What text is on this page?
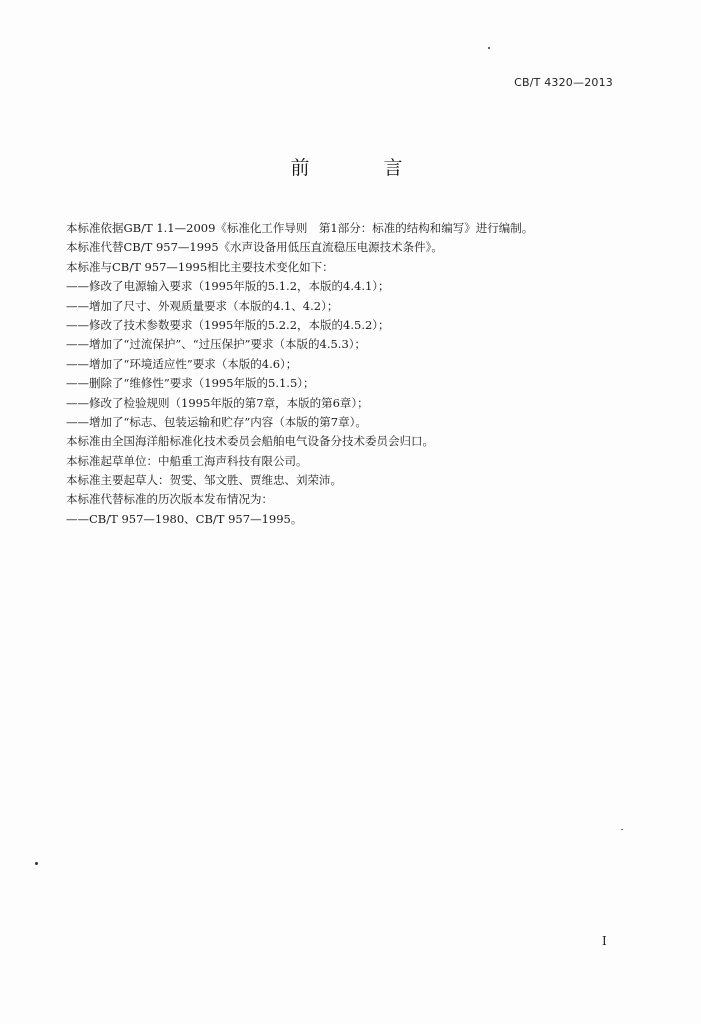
CB/T 4320—2013
前 言
本标准依据GB/T 1.1—2009《标准化工作导则　第1部分：标准的结构和编写》进行编制。
本标准代替CB/T 957—1995《水声设备用低压直流稳压电源技术条件》。
本标准与CB/T 957—1995相比主要技术变化如下：
——修改了电源输入要求（1995年版的5.1.2，本版的4.4.1）；
——增加了尺寸、外观质量要求（本版的4.1、4.2）；
——修改了技术参数要求（1995年版的5.2.2，本版的4.5.2）；
——增加了“过流保护”、“过压保护”要求（本版的4.5.3）；
——增加了“环境适应性”要求（本版的4.6）；
——删除了“维修性”要求（1995年版的5.1.5）；
——修改了检验规则（1995年版的第7章，本版的第6章）；
——增加了“标志、包装运输和贮存”内容（本版的第7章）。
本标准由全国海洋船标准化技术委员会船舶电气设备分技术委员会归口。
本标准起草单位：中船重工海声科技有限公司。
本标准主要起草人：贺雯、邹文胜、贾维忠、刘荣沛。
本标准代替标准的历次版本发布情况为：
——CB/T 957—1980、CB/T 957—1995。
I
